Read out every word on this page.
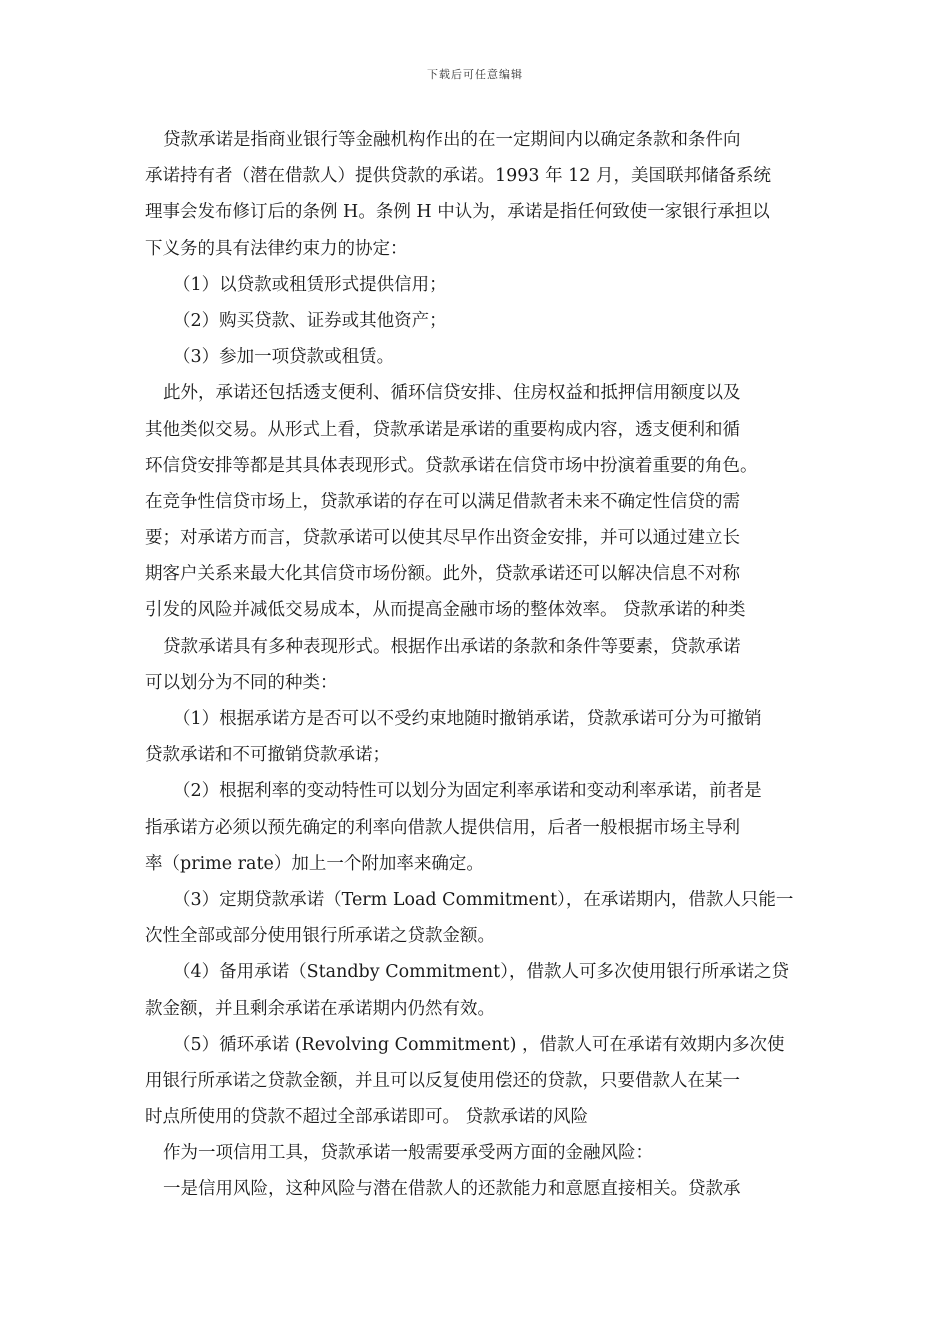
下载后可任意编辑
贷款承诺是指商业银行等金融机构作出的在一定期间内以确定条款和条件向
承诺持有者（潜在借款人）提供贷款的承诺。1993 年 12 月，美国联邦储备系统
理事会发布修订后的条例 H。条例 H 中认为，承诺是指任何致使一家银行承担以
下义务的具有法律约束力的协定：
（1）以贷款或租赁形式提供信用；
（2）购买贷款、证券或其他资产；
（3）参加一项贷款或租赁。
此外，承诺还包括透支便利、循环信贷安排、住房权益和抵押信用额度以及
其他类似交易。从形式上看，贷款承诺是承诺的重要构成内容，透支便利和循
环信贷安排等都是其具体表现形式。贷款承诺在信贷市场中扮演着重要的角色。
在竞争性信贷市场上，贷款承诺的存在可以满足借款者未来不确定性信贷的需
要；对承诺方而言，贷款承诺可以使其尽早作出资金安排，并可以通过建立长
期客户关系来最大化其信贷市场份额。此外，贷款承诺还可以解决信息不对称
引发的风险并减低交易成本，从而提高金融市场的整体效率。 贷款承诺的种类
贷款承诺具有多种表现形式。根据作出承诺的条款和条件等要素，贷款承诺
可以划分为不同的种类：
（1）根据承诺方是否可以不受约束地随时撤销承诺，贷款承诺可分为可撤销
贷款承诺和不可撤销贷款承诺；
（2）根据利率的变动特性可以划分为固定利率承诺和变动利率承诺，前者是
指承诺方必须以预先确定的利率向借款人提供信用，后者一般根据市场主导利
率（prime rate）加上一个附加率来确定。
（3）定期贷款承诺（Term Load Commitment），在承诺期内，借款人只能一
次性全部或部分使用银行所承诺之贷款金额。
（4）备用承诺（Standby Commitment），借款人可多次使用银行所承诺之贷
款金额，并且剩余承诺在承诺期内仍然有效。
（5）循环承诺 (Revolving Commitment) ，借款人可在承诺有效期内多次使
用银行所承诺之贷款金额，并且可以反复使用偿还的贷款，只要借款人在某一
时点所使用的贷款不超过全部承诺即可。 贷款承诺的风险
作为一项信用工具，贷款承诺一般需要承受两方面的金融风险：
一是信用风险，这种风险与潜在借款人的还款能力和意愿直接相关。贷款承
